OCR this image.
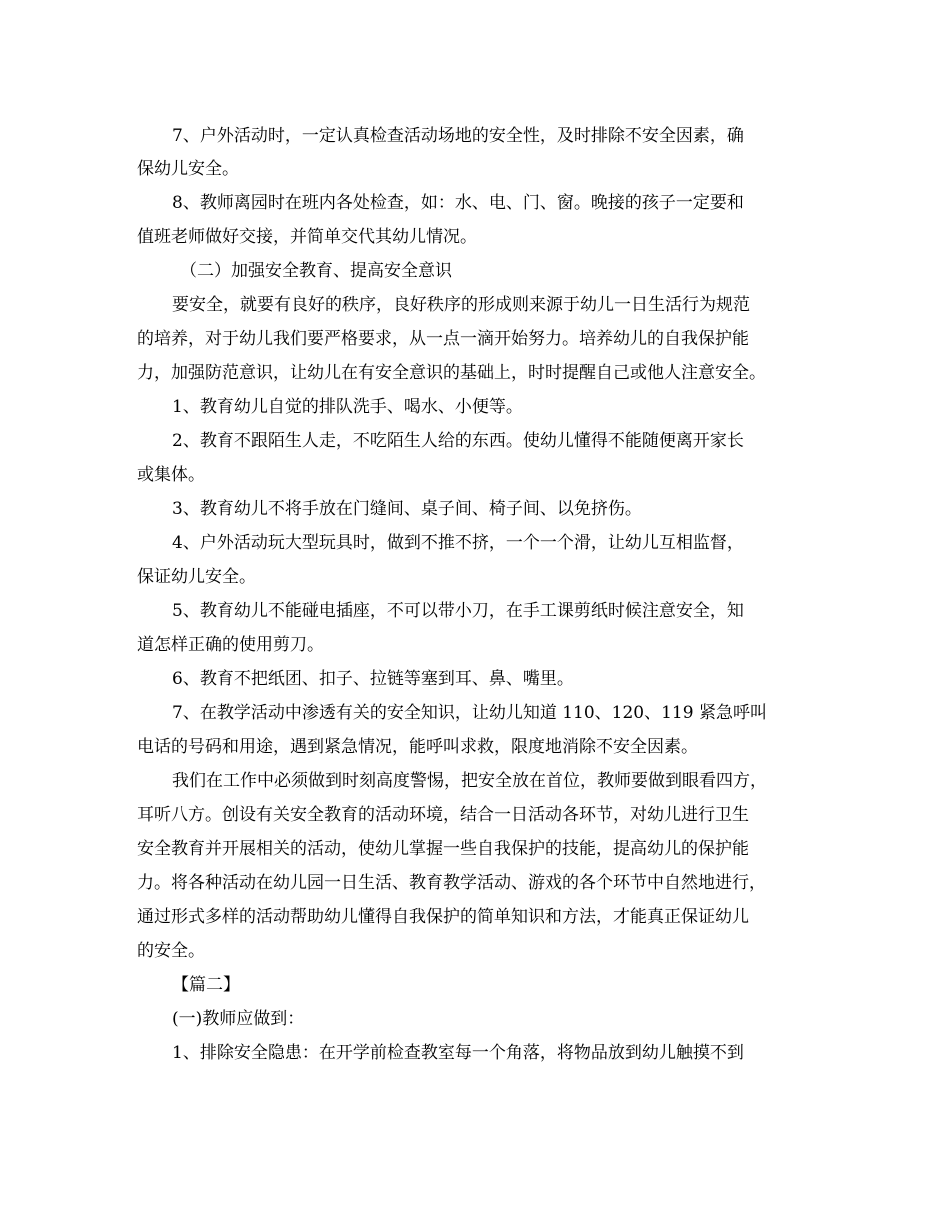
7、户外活动时，一定认真检查活动场地的安全性，及时排除不安全因素，确
保幼儿安全。
8、教师离园时在班内各处检查，如：水、电、门、窗。晚接的孩子一定要和
值班老师做好交接，并简单交代其幼儿情况。
（二）加强安全教育、提高安全意识
要安全，就要有良好的秩序，良好秩序的形成则来源于幼儿一日生活行为规范
的培养，对于幼儿我们要严格要求，从一点一滴开始努力。培养幼儿的自我保护能
力，加强防范意识，让幼儿在有安全意识的基础上，时时提醒自己或他人注意安全。
1、教育幼儿自觉的排队洗手、喝水、小便等。
2、教育不跟陌生人走，不吃陌生人给的东西。使幼儿懂得不能随便离开家长
或集体。
3、教育幼儿不将手放在门缝间、桌子间、椅子间、以免挤伤。
4、户外活动玩大型玩具时，做到不推不挤，一个一个滑，让幼儿互相监督，
保证幼儿安全。
5、教育幼儿不能碰电插座，不可以带小刀，在手工课剪纸时候注意安全，知
道怎样正确的使用剪刀。
6、教育不把纸团、扣子、拉链等塞到耳、鼻、嘴里。
7、在教学活动中渗透有关的安全知识，让幼儿知道 110、120、119 紧急呼叫
电话的号码和用途，遇到紧急情况，能呼叫求救，限度地消除不安全因素。
我们在工作中必须做到时刻高度警惕，把安全放在首位，教师要做到眼看四方，
耳听八方。创设有关安全教育的活动环境，结合一日活动各环节，对幼儿进行卫生
安全教育并开展相关的活动，使幼儿掌握一些自我保护的技能，提高幼儿的保护能
力。将各种活动在幼儿园一日生活、教育教学活动、游戏的各个环节中自然地进行，
通过形式多样的活动帮助幼儿懂得自我保护的简单知识和方法，才能真正保证幼儿
的安全。
【篇二】
(一)教师应做到：
1、排除安全隐患：在开学前检查教室每一个角落，将物品放到幼儿触摸不到
